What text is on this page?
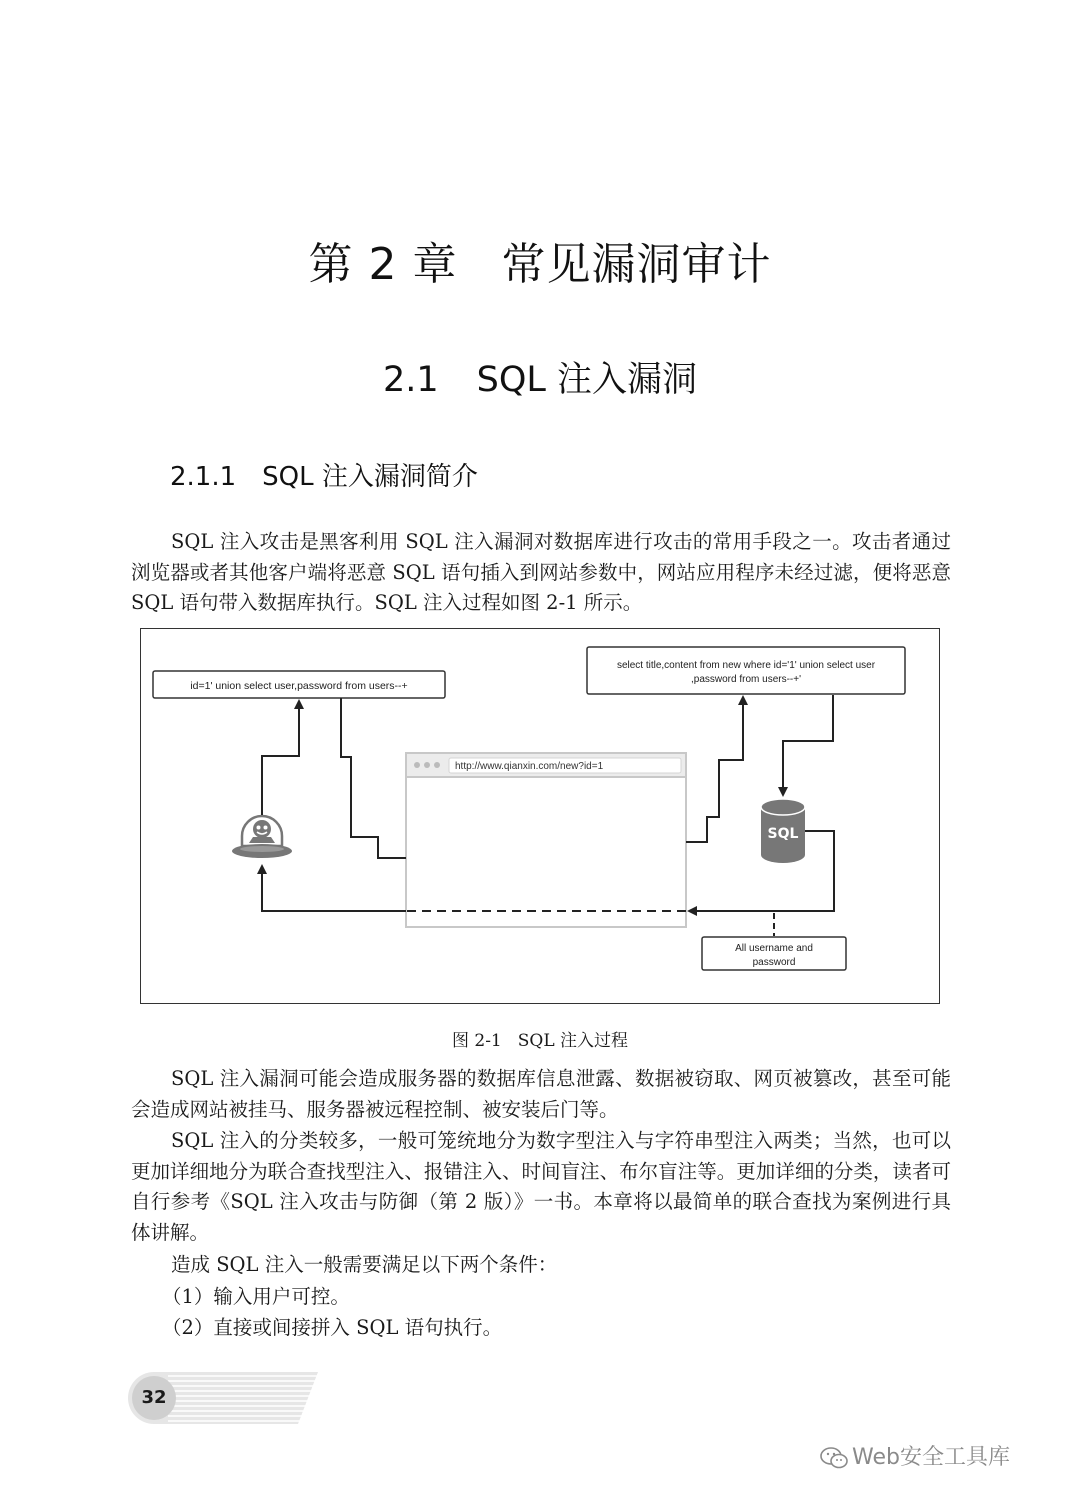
第 2 章 常见漏洞审计
2.1 SQL 注入漏洞
2.1.1 SQL 注入漏洞简介

SQL 注入攻击是黑客利用 SQL 注入漏洞对数据库进行攻击的常用手段之一。攻击者通过浏览器或者其他客户端将恶意 SQL 语句插入到网站参数中，网站应用程序未经过滤，便将恶意 SQL 语句带入数据库执行。SQL 注入过程如图 2-1 所示。

id=1' union select user,password from users--+
select title,content from new where id='1' union select user
,password from users--+'
http://www.qianxin.com/new?id=1
SQL
All username and
password
图 2-1 SQL 注入过程

SQL 注入漏洞可能会造成服务器的数据库信息泄露、数据被窃取、网页被篡改，甚至可能会造成网站被挂马、服务器被远程控制、被安装后门等。

SQL 注入的分类较多，一般可笼统地分为数字型注入与字符串型注入两类；当然，也可以更加详细地分为联合查找型注入、报错注入、时间盲注、布尔盲注等。更加详细的分类，读者可自行参考《SQL 注入攻击与防御（第 2 版）》一书。本章将以最简单的联合查找为案例进行具体讲解。

造成 SQL 注入一般需要满足以下两个条件：

（1）输入用户可控。

（2）直接或间接拼入 SQL 语句执行。

32
Web安全工具库
